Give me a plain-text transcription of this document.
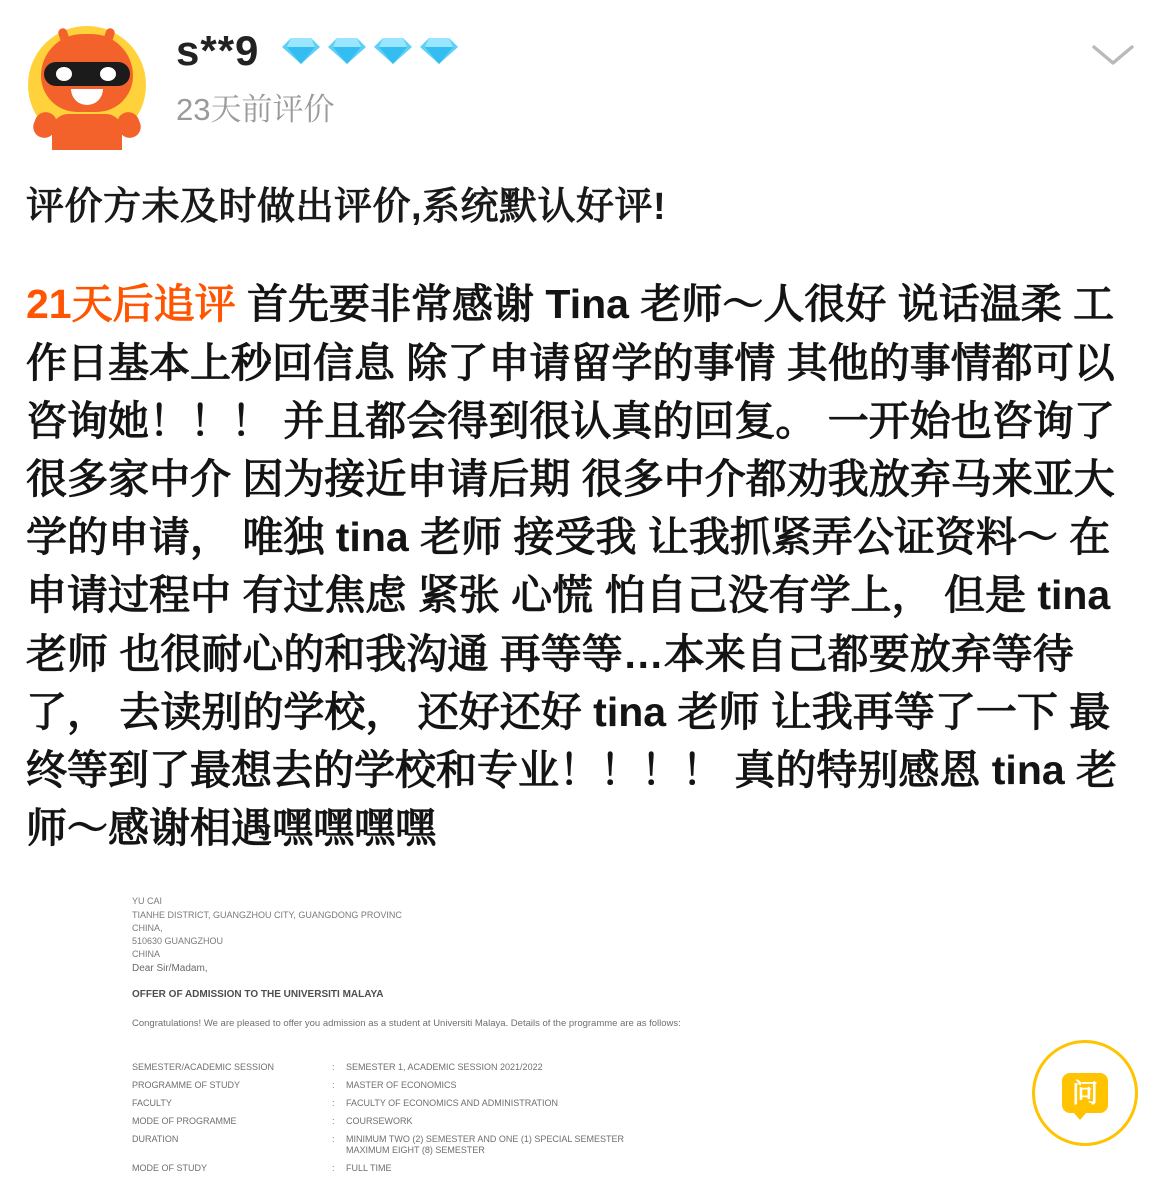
s**9
23天前评价
评价方未及时做出评价,系统默认好评!
21天后追评 首先要非常感谢 Tina 老师～人很好 说话温柔 工作日基本上秒回信息 除了申请留学的事情 其他的事情都可以咨询她！！！ 并且都会得到很认真的回复。 一开始也咨询了很多家中介 因为接近申请后期 很多中介都劝我放弃马来亚大学的申请， 唯独 tina 老师 接受我 让我抓紧弄公证资料～ 在申请过程中 有过焦虑 紧张 心慌 怕自己没有学上， 但是 tina 老师 也很耐心的和我沟通 再等等…本来自己都要放弃等待了， 去读别的学校， 还好还好 tina 老师 让我再等了一下 最终等到了最想去的学校和专业！！！！ 真的特别感恩 tina 老师～感谢相遇嘿嘿嘿嘿
YU CAI
TIANHE DISTRICT, GUANGZHOU CITY, GUANGDONG PROVINC
CHINA,
510630 GUANGZHOU
CHINA
Dear Sir/Madam,
OFFER OF ADMISSION TO THE UNIVERSITI MALAYA
Congratulations! We are pleased to offer you admission as a student at Universiti Malaya. Details of the programme are as follows:
SEMESTER/ACADEMIC SESSION	:	SEMESTER 1, ACADEMIC SESSION 2021/2022
PROGRAMME OF STUDY	:	MASTER OF ECONOMICS
FACULTY	:	FACULTY OF ECONOMICS AND ADMINISTRATION
MODE OF PROGRAMME	:	COURSEWORK
DURATION	:	MINIMUM TWO (2) SEMESTER AND ONE (1) SPECIAL SEMESTER
MAXIMUM EIGHT (8) SEMESTER
MODE OF STUDY	:	FULL TIME
问
